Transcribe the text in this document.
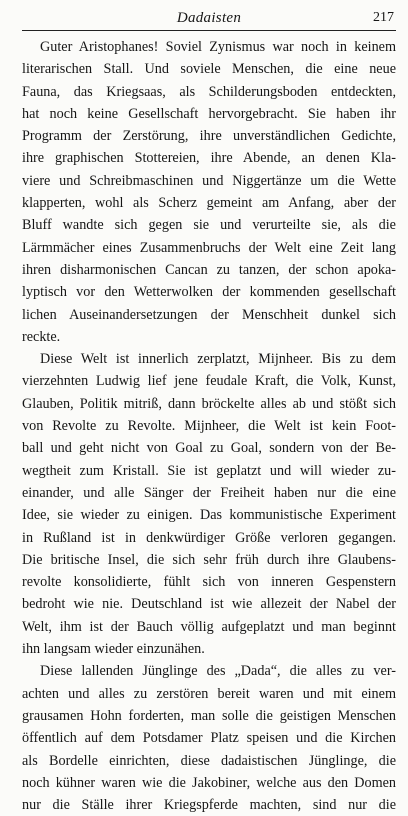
Dadaisten	217
Guter Aristophanes! Soviel Zynismus war noch in keinem
literarischen Stall. Und soviele Menschen, die eine neue
Fauna, das Kriegsaas, als Schilderungsboden entdeckten,
hat noch keine Gesellschaft hervorgebracht. Sie haben ihr
Programm der Zerstörung, ihre unverständlichen Gedichte,
ihre graphischen Stottereien, ihre Abende, an denen Kla-
viere und Schreibmaschinen und Niggertänze um die Wette
klapperten, wohl als Scherz gemeint am Anfang, aber der
Bluff wandte sich gegen sie und verurteilte sie, als die
Lärmmächer eines Zusammenbruchs der Welt eine Zeit lang
ihren disharmonischen Cancan zu tanzen, der schon apoka-
lyptisch vor den Wetterwolken der kommenden gesellschaft
lichen Auseinandersetzungen der Menschheit dunkel sich
reckte.
Diese Welt ist innerlich zerplatzt, Mijnheer. Bis zu dem
vierzehnten Ludwig lief jene feudale Kraft, die Volk, Kunst,
Glauben, Politik mitriß, dann bröckelte alles ab und stößt sich
von Revolte zu Revolte. Mijnheer, die Welt ist kein Foot-
ball und geht nicht von Goal zu Goal, sondern von der Be-
wegtheit zum Kristall. Sie ist geplatzt und will wieder zu-
einander, und alle Sänger der Freiheit haben nur die eine
Idee, sie wieder zu einigen. Das kommunistische Experiment
in Rußland ist in denkwürdiger Größe verloren gegangen.
Die britische Insel, die sich sehr früh durch ihre Glaubens-
revolte konsolidierte, fühlt sich von inneren Gespenstern
bedroht wie nie. Deutschland ist wie allezeit der Nabel der
Welt, ihm ist der Bauch völlig aufgeplatzt und man beginnt
ihn langsam wieder einzunähen.
Diese lallenden Jünglinge des „Dada“, die alles zu ver-
achten und alles zu zerstören bereit waren und mit einem
grausamen Hohn forderten, man solle die geistigen Menschen
öffentlich auf dem Potsdamer Platz speisen und die Kirchen
als Bordelle einrichten, diese dadaistischen Jünglinge, die
noch kühner waren wie die Jakobiner, welche aus den Domen
nur die Ställe ihrer Kriegspferde machten, sind nur die
